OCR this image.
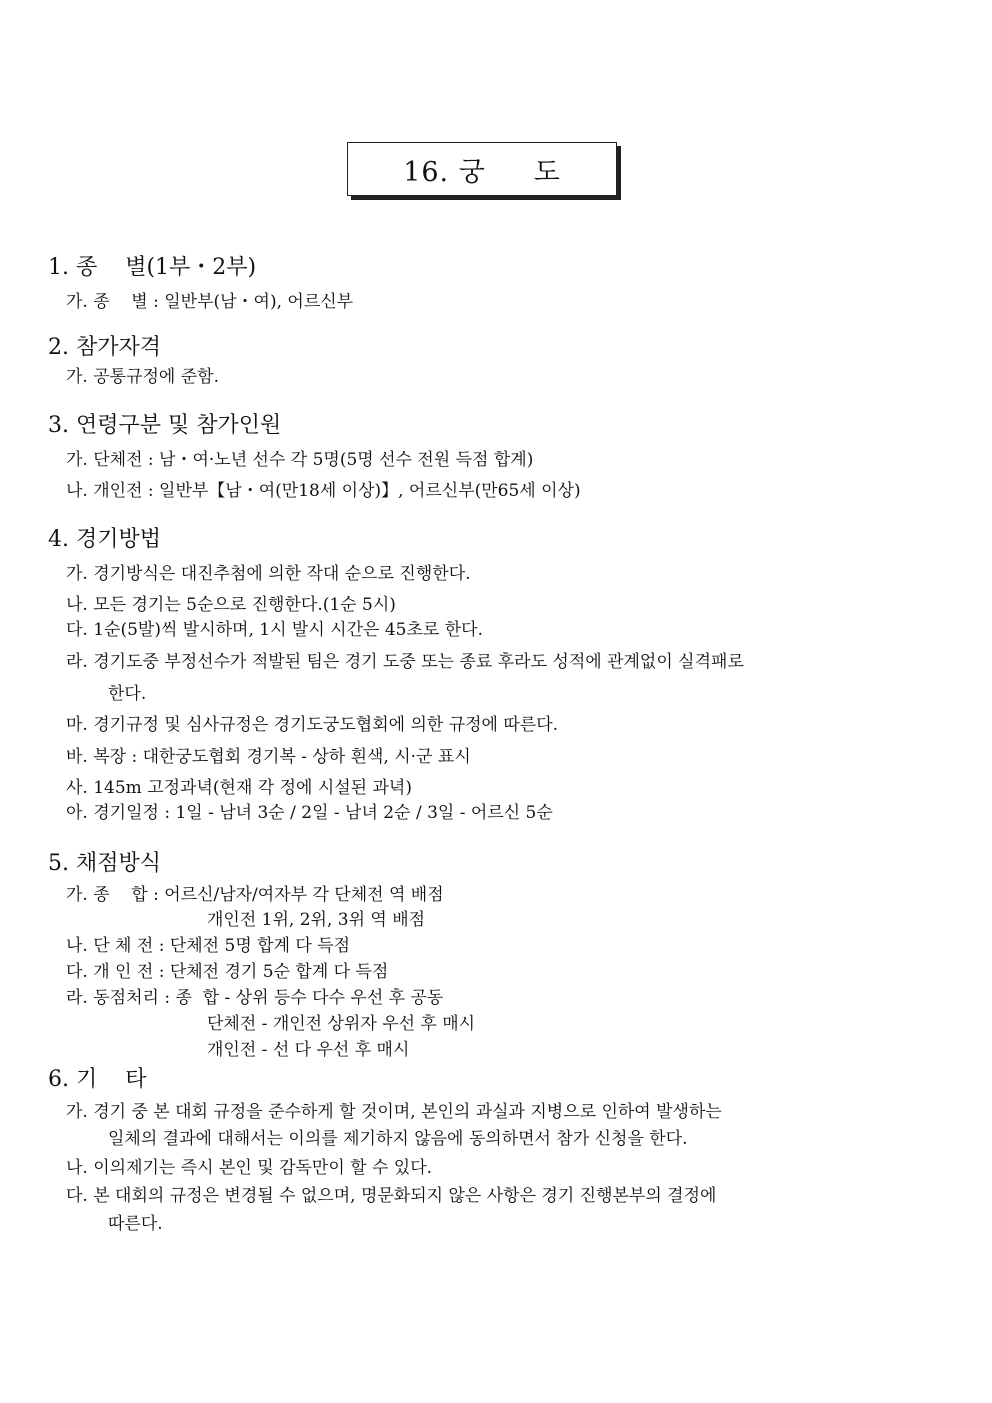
16. 궁     도
1. 종    별(1부・2부)
가. 종    별 : 일반부(남・여), 어르신부
2. 참가자격
가. 공통규정에 준함.
3. 연령구분 및 참가인원
가. 단체전 : 남・여·노년 선수 각 5명(5명 선수 전원 득점 합계)
나. 개인전 : 일반부【남・여(만18세 이상)】, 어르신부(만65세 이상)
4. 경기방법
가. 경기방식은 대진추첨에 의한 작대 순으로 진행한다.
나. 모든 경기는 5순으로 진행한다.(1순 5시)
다. 1순(5발)씩 발시하며, 1시 발시 시간은 45초로 한다.
라. 경기도중 부정선수가 적발된 팀은 경기 도중 또는 종료 후라도 성적에 관계없이 실격패로
한다.
마. 경기규정 및 심사규정은 경기도궁도협회에 의한 규정에 따른다.
바. 복장 : 대한궁도협회 경기복 - 상하 흰색, 시·군 표시
사. 145m 고정과녁(현재 각 정에 시설된 과녁)
아. 경기일정 : 1일 - 남녀 3순 / 2일 - 남녀 2순 / 3일 - 어르신 5순
5. 채점방식
가. 종    합 : 어르신/남자/여자부 각 단체전 역 배점
개인전 1위, 2위, 3위 역 배점
나. 단 체 전 : 단체전 5명 합계 다 득점
다. 개 인 전 : 단체전 경기 5순 합계 다 득점
라. 동점처리 : 종  합 - 상위 등수 다수 우선 후 공동
단체전 - 개인전 상위자 우선 후 매시
개인전 - 선 다 우선 후 매시
6. 기    타
가. 경기 중 본 대회 규정을 준수하게 할 것이며, 본인의 과실과 지병으로 인하여 발생하는
일체의 결과에 대해서는 이의를 제기하지 않음에 동의하면서 참가 신청을 한다.
나. 이의제기는 즉시 본인 및 감독만이 할 수 있다.
다. 본 대회의 규정은 변경될 수 없으며, 명문화되지 않은 사항은 경기 진행본부의 결정에
따른다.
